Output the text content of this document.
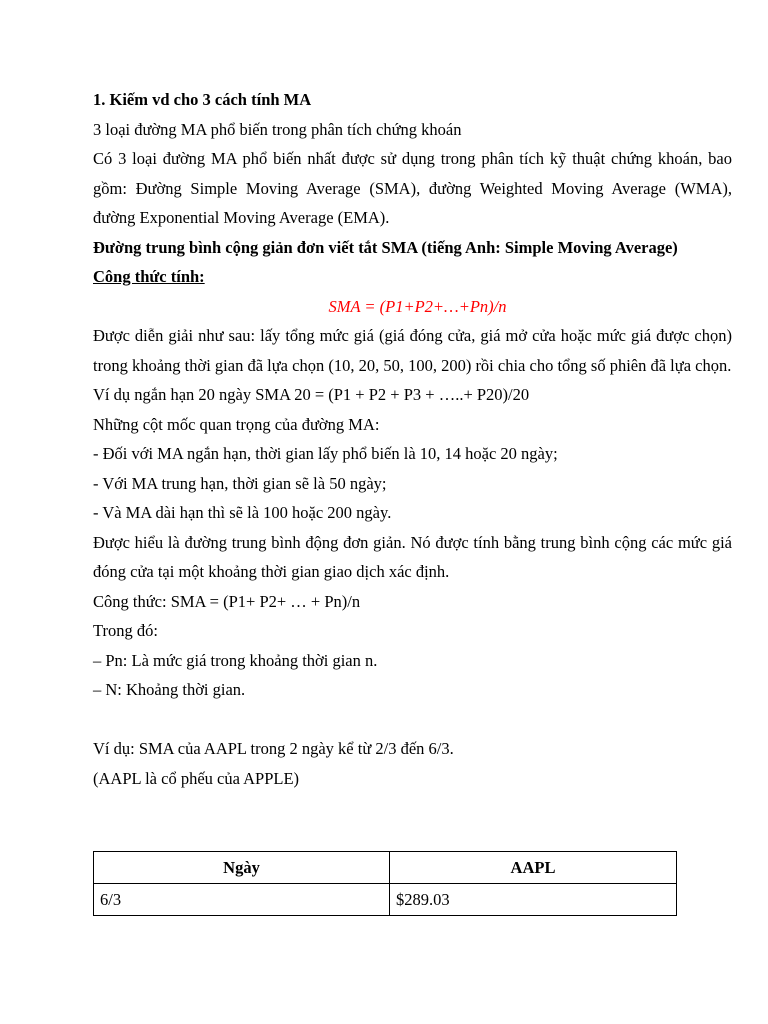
1. Kiếm vd cho 3 cách tính MA

3 loại đường MA phổ biến trong phân tích chứng khoán

Có 3 loại đường MA phổ biến nhất được sử dụng trong phân tích kỹ thuật chứng khoán, bao gồm: Đường Simple Moving Average (SMA), đường Weighted Moving Average (WMA), đường Exponential Moving Average (EMA).

Đường trung bình cộng giản đơn viết tắt SMA (tiếng Anh: Simple Moving Average)

Công thức tính:

SMA = (P1+P2+…+Pn)/n

Được diễn giải như sau: lấy tổng mức giá (giá đóng cửa, giá mở cửa hoặc mức giá được chọn) trong khoảng thời gian đã lựa chọn (10, 20, 50, 100, 200) rồi chia cho tổng số phiên đã lựa chọn.

Ví dụ ngắn hạn 20 ngày SMA 20 = (P1 + P2 + P3 + …..+ P20)/20

Những cột mốc quan trọng của đường MA:

- Đối với MA ngắn hạn, thời gian lấy phổ biến là 10, 14 hoặc 20 ngày;

- Với MA trung hạn, thời gian sẽ là 50 ngày;

- Và MA dài hạn thì sẽ là 100 hoặc 200 ngày.

Được hiểu là đường trung bình động đơn giản. Nó được tính bằng trung bình cộng các mức giá đóng cửa tại một khoảng thời gian giao dịch xác định.

Công thức: SMA = (P1+ P2+ … + Pn)/n

Trong đó:

– Pn: Là mức giá trong khoảng thời gian n.

– N: Khoảng thời gian.

Ví dụ: SMA của AAPL trong 2 ngày kể từ 2/3 đến 6/3.

(AAPL là cổ phếu của APPLE)

Ngày	AAPL
6/3	$289.03
